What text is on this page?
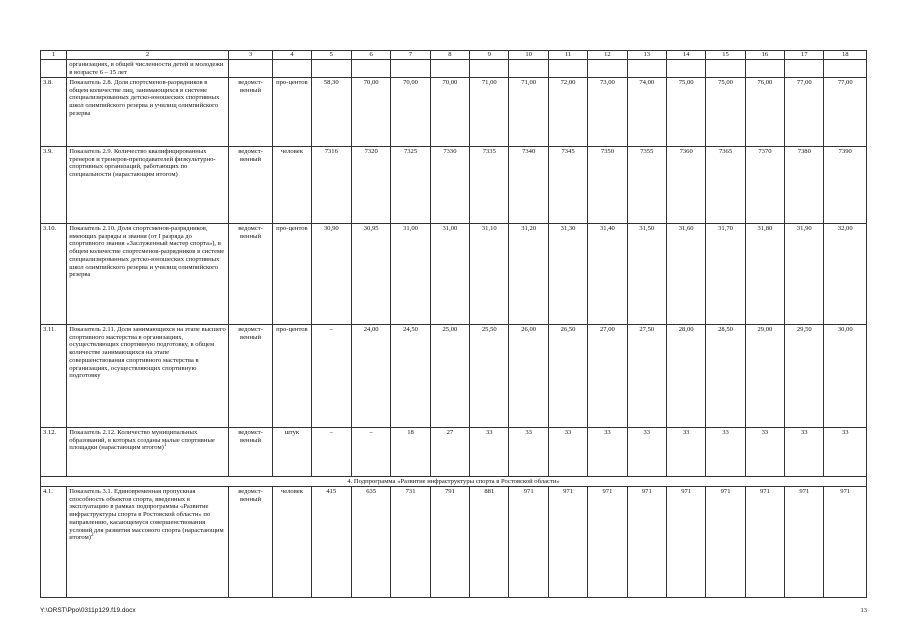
1	2	3	4	5	6	7	8	9	10	11	12	13	14	15	16	17	18
	организациях, в общей численности детей и молодежи в возрасте 6 – 15 лет																
3.8.	Показатель 2.8. Доля спортсменов-разрядников в общем количестве лиц, занимающихся в системе специализированных детско-юношеских спортивных школ олимпийского резерва и училищ олимпийского резерва	ведомст-венный	про-центов	58,30	70,00	70,00	70,00	71,00	71,00	72,00	73,00	74,00	75,00	75,00	76,00	77,00	77,00
3.9.	Показатель 2.9. Количество квалифицированных тренеров и тренеров-преподавателей физкультурно-спортивных организаций, работающих по специальности (нарастающим итогом)	ведомст-венный	человек	7316	7320	7325	7330	7335	7340	7345	7350	7355	7360	7365	7370	7380	7390
3.10.	Показатель 2.10. Доля спортсменов-разрядников, имеющих разряды и звания (от I разряда до спортивного звания «Заслуженный мастер спорта»), в общем количестве спортсменов-разрядников в системе специализированных детско-юношеских спортивных школ олимпийского резерва и училищ олимпийского резерва	ведомст-венный	про-центов	30,90	30,95	31,00	31,00	31,10	31,20	31,30	31,40	31,50	31,60	31,70	31,80	31,90	32,00
3.11.	Показатель 2.11. Доля занимающихся на этапе высшего спортивного мастерства в организациях, осуществляющих спортивную подготовку, в общем количестве занимающихся на этапе совершенствования спортивного мастерства в организациях, осуществляющих спортивную подготовку	ведомст-венный	про-центов	–	24,00	24,50	25,00	25,50	26,00	26,50	27,00	27,50	28,00	28,50	29,00	29,50	30,00
3.12.	Показатель 2.12. Количество муниципальных образований, в которых созданы малые спортивные площадки (нарастающим итогом)$^1$	ведомст-венный	штук	–	–	18	27	33	33	33	33	33	33	33	33	33	33
4. Подпрограмма «Развитие инфраструктуры спорта в Ростовской области»																	
4.1.	Показатель 3.1. Единовременная пропускная способность объектов спорта, введенных в эксплуатацию в рамках подпрограммы «Развитие инфраструктуры спорта в Ростовской области» по направлению, касающемуся совершенствования условий для развития массового спорта (нарастающим итогом)$^2$	ведомст-венный	человек	415	635	731	791	881	971	971	971	971	971	971	971	971	971
Y:\ORST\Ppo\0311p129.f19.docx	13
